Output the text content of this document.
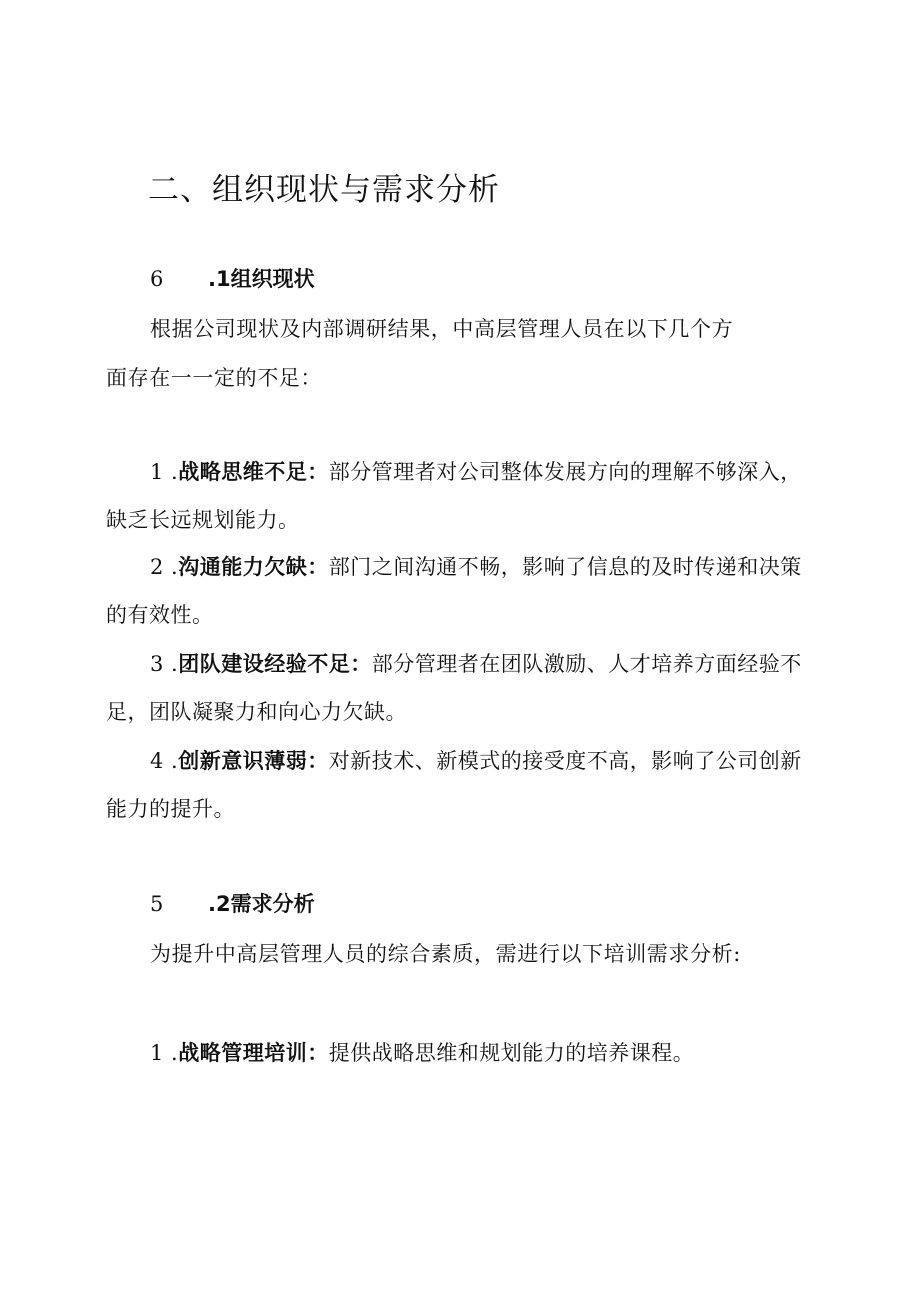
二、组织现状与需求分析
6 .1组织现状
根据公司现状及内部调研结果，中高层管理人员在以下几个方
面存在一一定的不足：

1 .战略思维不足：部分管理者对公司整体发展方向的理解不够深入，缺乏长远规划能力。

2 .沟通能力欠缺：部门之间沟通不畅，影响了信息的及时传递和决策的有效性。

3 .团队建设经验不足：部分管理者在团队激励、人才培养方面经验不足，团队凝聚力和向心力欠缺。

4 .创新意识薄弱：对新技术、新模式的接受度不高，影响了公司创新能力的提升。

5 .2需求分析
为提升中高层管理人员的综合素质，需进行以下培训需求分析:

1 .战略管理培训：提供战略思维和规划能力的培养课程。
